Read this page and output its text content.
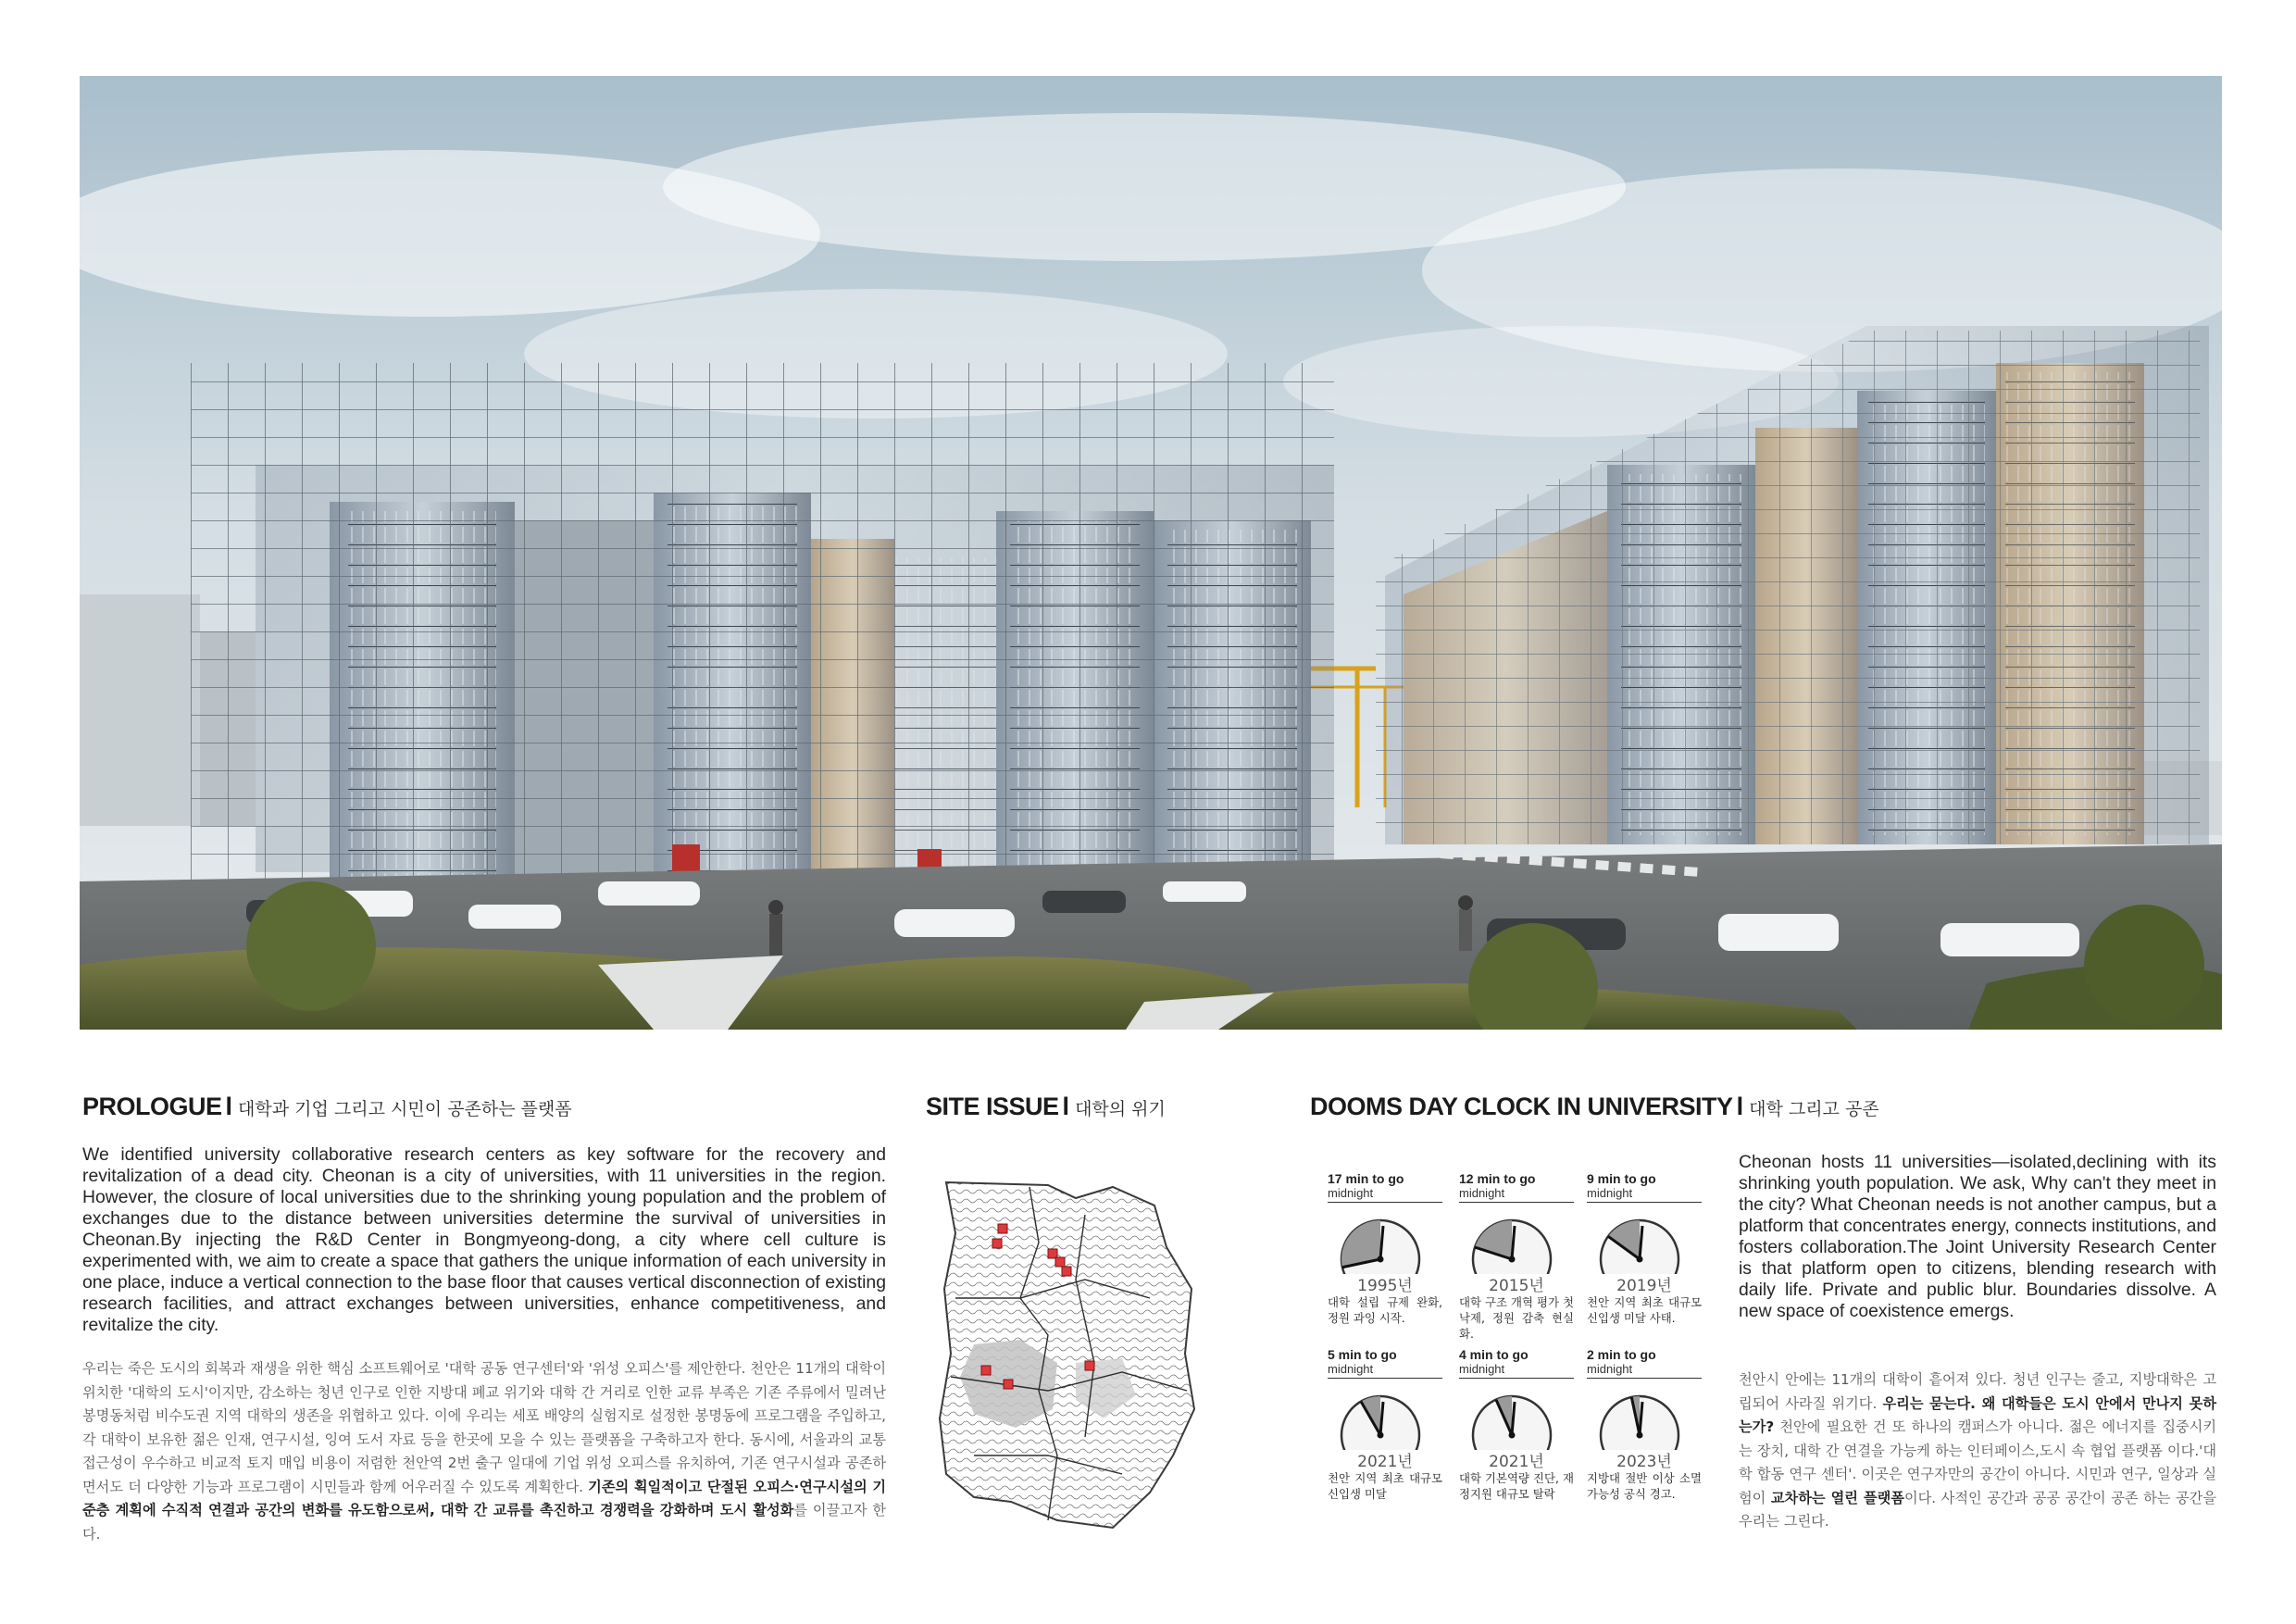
PROLOGUE l 대학과 기업 그리고 시민이 공존하는 플랫폼
We identified university collaborative research centers as key software for the recovery and revitalization of a dead city. Cheonan is a city of universities, with 11 universities in the region. However, the closure of local universities due to the shrinking young population and the problem of exchanges due to the distance between universities determine the survival of universities in Cheonan.By injecting the R&D Center in Bongmyeong-dong, a city where cell culture is experimented with, we aim to create a space that gathers the unique information of each university in one place, induce a vertical connection to the base floor that causes vertical disconnection of existing research facilities, and attract exchanges between universities, enhance competitiveness, and revitalize the city.
우리는 죽은 도시의 회복과 재생을 위한 핵심 소프트웨어로 '대학 공동 연구센터'와 '위성 오피스'를 제안한다. 천안은 11개의 대학이 위치한 '대학의 도시'이지만, 감소하는 청년 인구로 인한 지방대 폐교 위기와 대학 간 거리로 인한 교류 부족은 기존 주류에서 밀려난 봉명동처럼 비수도권 지역 대학의 생존을 위협하고 있다. 이에 우리는 세포 배양의 실험지로 설정한 봉명동에 프로그램을 주입하고, 각 대학이 보유한 젊은 인재, 연구시설, 잉여 도서 자료 등을 한곳에 모을 수 있는 플랫폼을 구축하고자 한다. 동시에, 서울과의 교통 접근성이 우수하고 비교적 토지 매입 비용이 저렴한 천안역 2번 출구 일대에 기업 위성 오피스를 유치하여, 기존 연구시설과 공존하면서도 더 다양한 기능과 프로그램이 시민들과 함께 어우러질 수 있도록 계획한다. 기존의 획일적이고 단절된 오피스·연구시설의 기준층 계획에 수직적 연결과 공간의 변화를 유도함으로써, 대학 간 교류를 촉진하고 경쟁력을 강화하며 도시 활성화를 이끌고자 한다.
SITE ISSUE l 대학의 위기	DOOMS DAY CLOCK IN UNIVERSITY l 대학 그리고 공존
17 min to go
midnight
1995년
대학 설립 규제 완화, 정원 과잉 시작.
12 min to go
midnight
2015년
대학 구조 개혁 평가 첫 낙제, 정원 감축 현실화.
9 min to go
midnight
2019년
천안 지역 최초 대규모 신입생 미달 사태.
5 min to go
midnight
2021년
천안 지역 최초 대규모 신입생 미달
4 min to go
midnight
2021년
대학 기본역량 진단, 재정지원 대규모 탈락
2 min to go
midnight
2023년
지방대 절반 이상 소멸 가능성 공식 경고.
Cheonan hosts 11 universities—isolated,declining with its shrinking youth population. We ask, Why can't they meet in the city? What Cheonan needs is not another campus, but a platform that concentrates energy, connects institutions, and fosters collaboration.The Joint University Research Center is that platform open to citizens, blending research with daily life. Private and public blur. Boundaries dissolve. A new space of coexistence emergs.
천안시 안에는 11개의 대학이 흩어져 있다. 청년 인구는 줄고, 지방대학은 고립되어 사라질 위기다. 우리는 묻는다. 왜 대학들은 도시 안에서 만나지 못하는가? 천안에 필요한 건 또 하나의 캠퍼스가 아니다. 젊은 에너지를 집중시키는 장치, 대학 간 연결을 가능케 하는 인터페이스,도시 속 협업 플랫폼 이다.'대학 합동 연구 센터'. 이곳은 연구자만의 공간이 아니다. 시민과 연구, 일상과 실험이 교차하는 열린 플랫폼이다. 사적인 공간과 공공 공간이 공존 하는 공간을 우리는 그린다.
